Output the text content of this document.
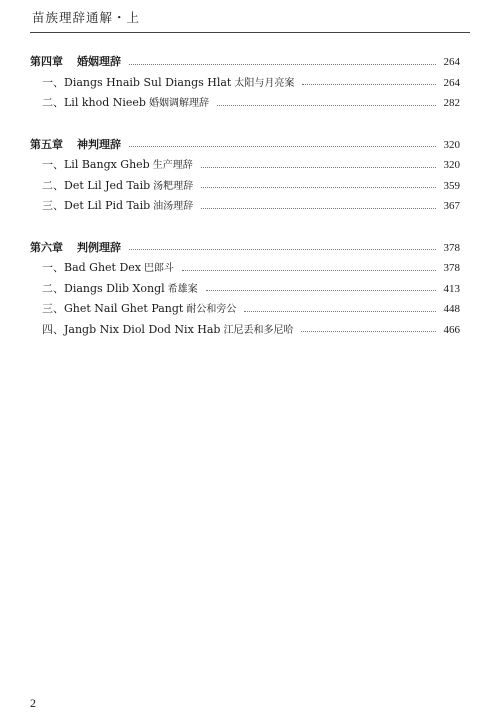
苗族理辞通解・上
第四章 婚姻理辞	264
一、Diangs Hnaib Sul Diangs Hlat 太阳与月亮案	264
二、Lil khod Nieeb 婚姻调解理辞	282
第五章 神判理辞	320
一、Lil Bangx Gheb 生产理辞	320
二、Det Lil Jed Taib 汤粑理辞	359
三、Det Lil Pid Taib 油汤理辞	367
第六章 判例理辞	378
一、Bad Ghet Dex 巴郎斗	378
二、Diangs Dlib Xongl 希雄案	413
三、Ghet Nail Ghet Pangt 耐公和旁公	448
四、Jangb Nix Diol Dod Nix Hab 江尼丢和多尼哈	466
2
